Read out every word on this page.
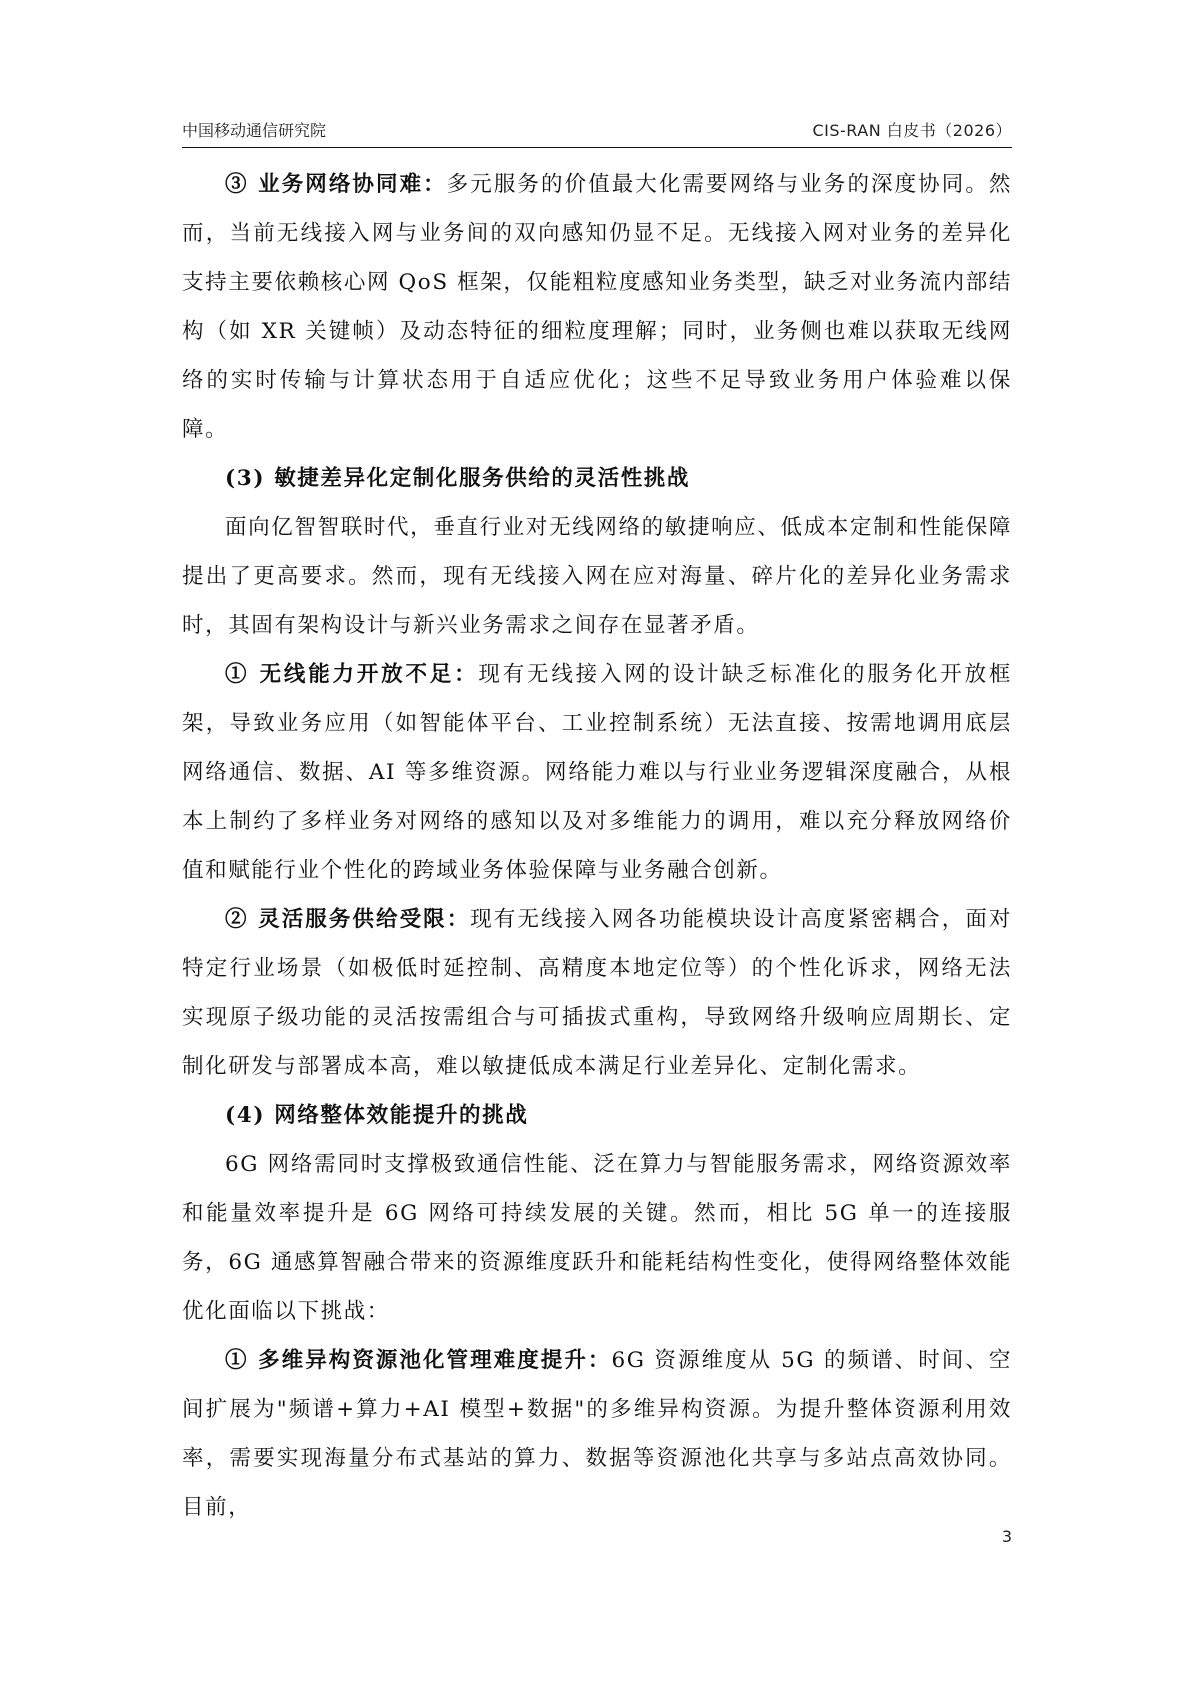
中国移动通信研究院	CIS-RAN 白皮书（2026）

③ 业务网络协同难：多元服务的价值最大化需要网络与业务的深度协同。然而，当前无线接入网与业务间的双向感知仍显不足。无线接入网对业务的差异化支持主要依赖核心网 QoS 框架，仅能粗粒度感知业务类型，缺乏对业务流内部结构（如 XR 关键帧）及动态特征的细粒度理解；同时，业务侧也难以获取无线网络的实时传输与计算状态用于自适应优化；这些不足导致业务用户体验难以保障。

(3) 敏捷差异化定制化服务供给的灵活性挑战

面向亿智智联时代，垂直行业对无线网络的敏捷响应、低成本定制和性能保障提出了更高要求。然而，现有无线接入网在应对海量、碎片化的差异化业务需求时，其固有架构设计与新兴业务需求之间存在显著矛盾。

① 无线能力开放不足：现有无线接入网的设计缺乏标准化的服务化开放框架，导致业务应用（如智能体平台、工业控制系统）无法直接、按需地调用底层网络通信、数据、AI 等多维资源。网络能力难以与行业业务逻辑深度融合，从根本上制约了多样业务对网络的感知以及对多维能力的调用，难以充分释放网络价值和赋能行业个性化的跨域业务体验保障与业务融合创新。

② 灵活服务供给受限：现有无线接入网各功能模块设计高度紧密耦合，面对特定行业场景（如极低时延控制、高精度本地定位等）的个性化诉求，网络无法实现原子级功能的灵活按需组合与可插拔式重构，导致网络升级响应周期长、定制化研发与部署成本高，难以敏捷低成本满足行业差异化、定制化需求。

(4) 网络整体效能提升的挑战

6G 网络需同时支撑极致通信性能、泛在算力与智能服务需求，网络资源效率和能量效率提升是 6G 网络可持续发展的关键。然而，相比 5G 单一的连接服务，6G 通感算智融合带来的资源维度跃升和能耗结构性变化，使得网络整体效能优化面临以下挑战：

① 多维异构资源池化管理难度提升：6G 资源维度从 5G 的频谱、时间、空间扩展为"频谱+算力+AI 模型+数据"的多维异构资源。为提升整体资源利用效率，需要实现海量分布式基站的算力、数据等资源池化共享与多站点高效协同。目前，

3
